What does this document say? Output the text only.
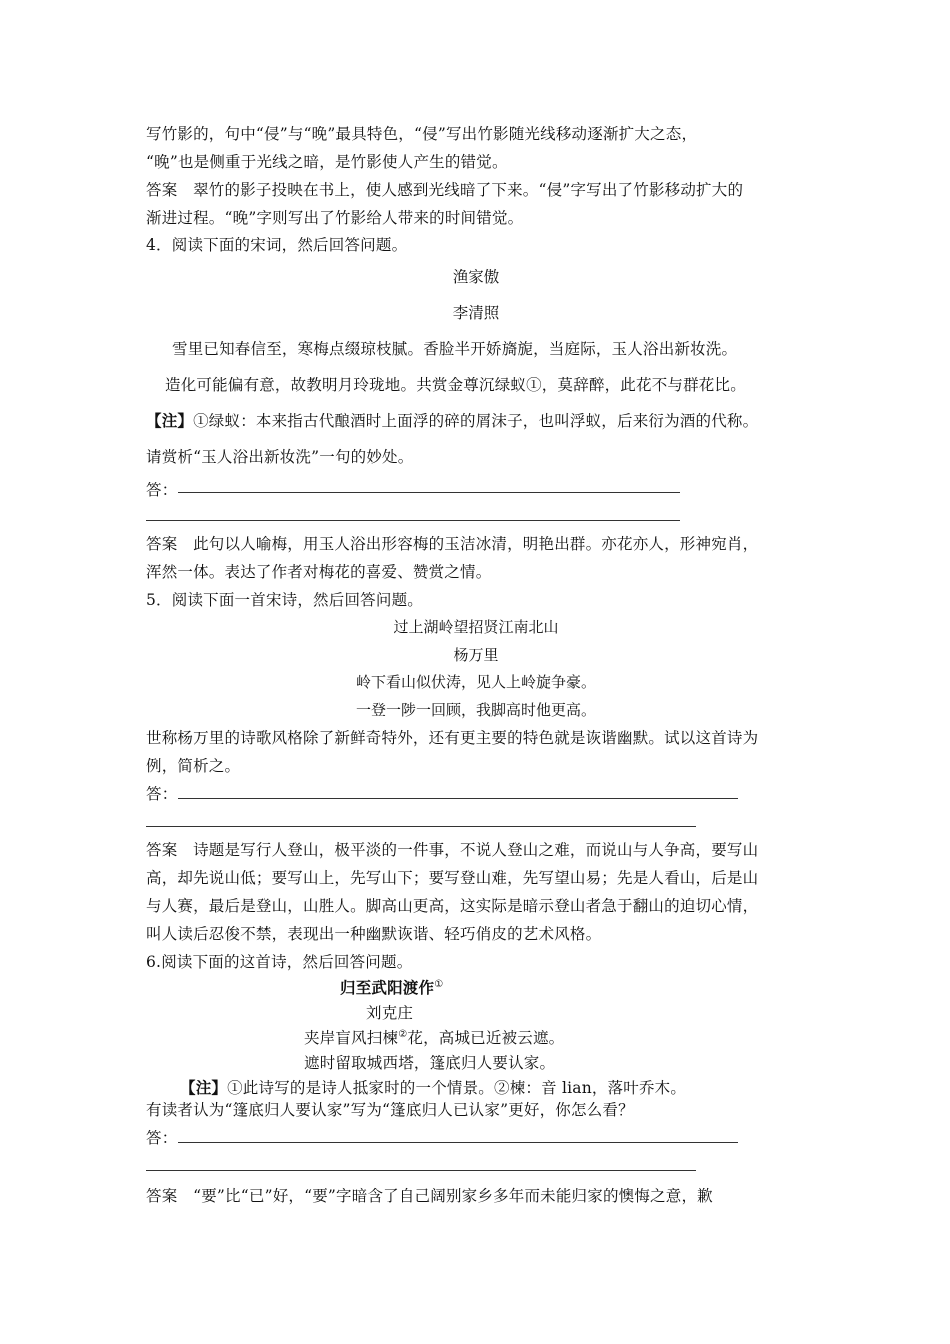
写竹影的，句中“侵”与“晚”最具特色，“侵”写出竹影随光线移动逐渐扩大之态，
“晚”也是侧重于光线之暗，是竹影使人产生的错觉。
答案　翠竹的影子投映在书上，使人感到光线暗了下来。“侵”字写出了竹影移动扩大的
渐进过程。“晚”字则写出了竹影给人带来的时间错觉。
4．阅读下面的宋词，然后回答问题。
渔家傲
李清照
雪里已知春信至，寒梅点缀琼枝腻。香脸半开娇旖旎，当庭际，玉人浴出新妆洗。
造化可能偏有意，故教明月玲珑地。共赏金尊沉绿蚁①，莫辞醉，此花不与群花比。
【注】①绿蚁：本来指古代酿酒时上面浮的碎的屑沫子，也叫浮蚁，后来衍为酒的代称。
请赏析“玉人浴出新妆洗”一句的妙处。
答：
答案　此句以人喻梅，用玉人浴出形容梅的玉洁冰清，明艳出群。亦花亦人，形神宛肖，
浑然一体。表达了作者对梅花的喜爱、赞赏之情。
5．阅读下面一首宋诗，然后回答问题。
过上湖岭望招贤江南北山
杨万里
岭下看山似伏涛，见人上岭旋争豪。
一登一陟一回顾，我脚高时他更高。
世称杨万里的诗歌风格除了新鲜奇特外，还有更主要的特色就是诙谐幽默。试以这首诗为
例，简析之。
答：
答案　诗题是写行人登山，极平淡的一件事，不说人登山之难，而说山与人争高，要写山
高，却先说山低；要写山上，先写山下；要写登山难，先写望山易；先是人看山，后是山
与人赛，最后是登山，山胜人。脚高山更高，这实际是暗示登山者急于翻山的迫切心情，
叫人读后忍俊不禁，表现出一种幽默诙谐、轻巧俏皮的艺术风格。
6.阅读下面的这首诗，然后回答问题。
归至武阳渡作①
刘克庄
夹岸盲风扫楝②花，高城已近被云遮。
遮时留取城西塔，篷底归人要认家。
【注】①此诗写的是诗人抵家时的一个情景。②楝：音 lian，落叶乔木。
有读者认为“篷底归人要认家”写为“篷底归人已认家”更好，你怎么看？
答：
答案　“要”比“已”好，“要”字暗含了自己阔别家乡多年而未能归家的懊悔之意，歉
